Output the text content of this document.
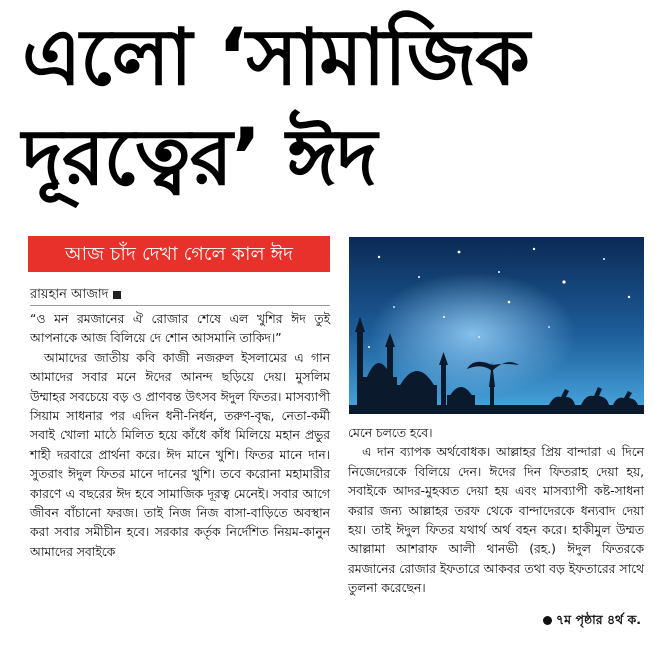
এলো ‘সামাজিক
দূরত্বের’ ঈদ
আজ চাঁদ দেখা গেলে কাল ঈদ
রায়হান আজাদ

“ও মন রমজানের ঐ রোজার শেষে এল খুশির ঈদ তুই আপনাকে আজ বিলিয়ে দে শোন আসমানি তাকিদ।”

আমাদের জাতীয় কবি কাজী নজরুল ইসলামের এ গান আমাদের সবার মনে ঈদের আনন্দ ছড়িয়ে দেয়। মুসলিম উম্মাহর সবচেয়ে বড় ও প্রাণবন্ত উৎসব ঈদুল ফিতর। মাসব্যাপী সিয়াম সাধনার পর এদিন ধনী-নির্ধন, তরুণ-বৃদ্ধ, নেতা-কর্মী সবাই খোলা মাঠে মিলিত হয়ে কাঁধে কাঁধ মিলিয়ে মহান প্রভুর শাহী দরবারে প্রার্থনা করে। ঈদ মানে খুশি। ফিতর মানে দান। সুতরাং ঈদুল ফিতর মানে দানের খুশি। তবে করোনা মহামারীর কারণে এ বছরের ঈদ হবে সামাজিক দূরত্ব মেনেই। সবার আগে জীবন বাঁচানো ফরজ। তাই নিজ নিজ বাসা-বাড়িতে অবস্থান করা সবার সমীচীন হবে। সরকার কর্তৃক নির্দেশিত নিয়ম-কানুন আমাদের সবাইকে

মেনে চলতে হবে।

এ দান ব্যাপক অর্থবোধক। আল্লাহর প্রিয় বান্দারা এ দিনে নিজেদেরকে বিলিয়ে দেন। ঈদের দিন ফিতরাহ দেয়া হয়, সবাইকে আদর-মুহব্বত দেয়া হয় এবং মাসব্যাপী কষ্ট-সাধনা করার জন্য আল্লাহর তরফ থেকে বান্দাদেরকে ধন্যবাদ দেয়া হয়। তাই ঈদুল ফিতর যথার্থ অর্থ বহন করে। হাকীমুল উম্মত আল্লামা আশরাফ আলী থানভী (রহ.) ঈদুল ফিতরকে রমজানের রোজার ইফতারে আকবর তথা বড় ইফতারের সাথে তুলনা করেছেন।

৭ম পৃষ্ঠার ৪র্থ ক.
